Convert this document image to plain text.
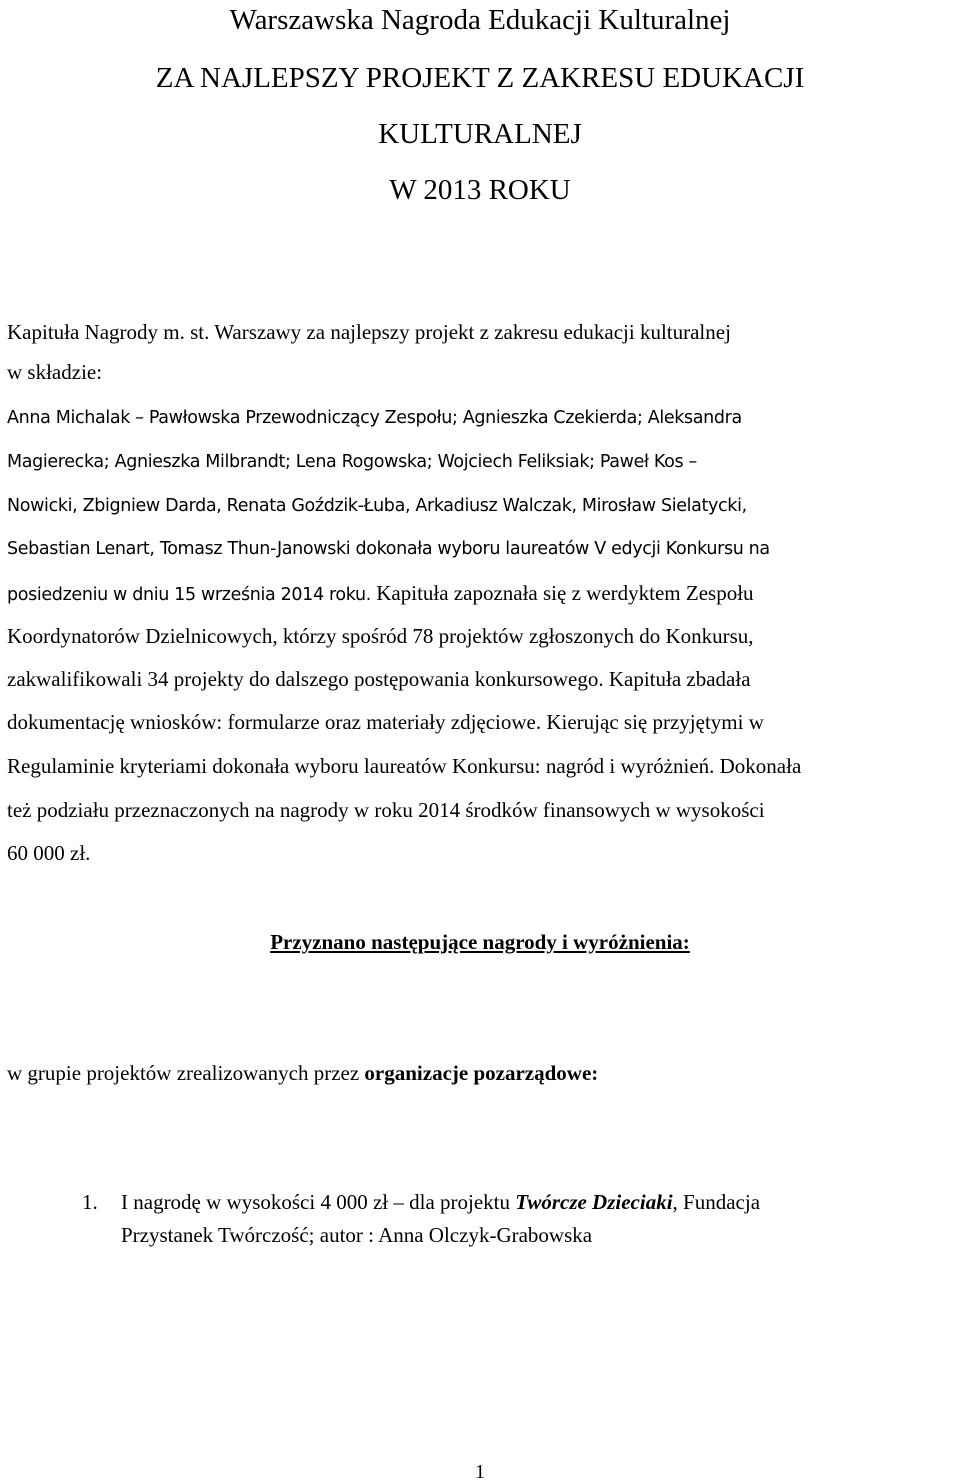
Warszawska Nagroda Edukacji Kulturalnej
ZA NAJLEPSZY PROJEKT Z ZAKRESU EDUKACJI
KULTURALNEJ
W 2013 ROKU
Kapituła Nagrody m. st. Warszawy za najlepszy projekt z zakresu edukacji kulturalnej
w składzie:
Anna Michalak – Pawłowska Przewodniczący Zespołu; Agnieszka Czekierda; Aleksandra
Magierecka; Agnieszka Milbrandt; Lena Rogowska; Wojciech Feliksiak; Paweł Kos –
Nowicki, Zbigniew Darda, Renata Goździk-Łuba, Arkadiusz Walczak, Mirosław Sielatycki,
Sebastian Lenart, Tomasz Thun-Janowski dokonała wyboru laureatów V edycji Konkursu na
posiedzeniu w dniu 15 września 2014 roku. Kapituła zapoznała się z werdyktem Zespołu
Koordynatorów Dzielnicowych, którzy spośród 78 projektów zgłoszonych do Konkursu,
zakwalifikowali 34 projekty do dalszego postępowania konkursowego. Kapituła zbadała
dokumentację wniosków: formularze oraz materiały zdjęciowe. Kierując się przyjętymi w
Regulaminie kryteriami dokonała wyboru laureatów Konkursu: nagród i wyróżnień. Dokonała
też podziału przeznaczonych na nagrody w roku 2014 środków finansowych w wysokości
60 000 zł.
Przyznano następujące nagrody i wyróżnienia:
w grupie projektów zrealizowanych przez organizacje pozarządowe:
1. I nagrodę w wysokości 4 000 zł – dla projektu Twórcze Dzieciaki, Fundacja
Przystanek Twórczość; autor : Anna Olczyk-Grabowska
1
